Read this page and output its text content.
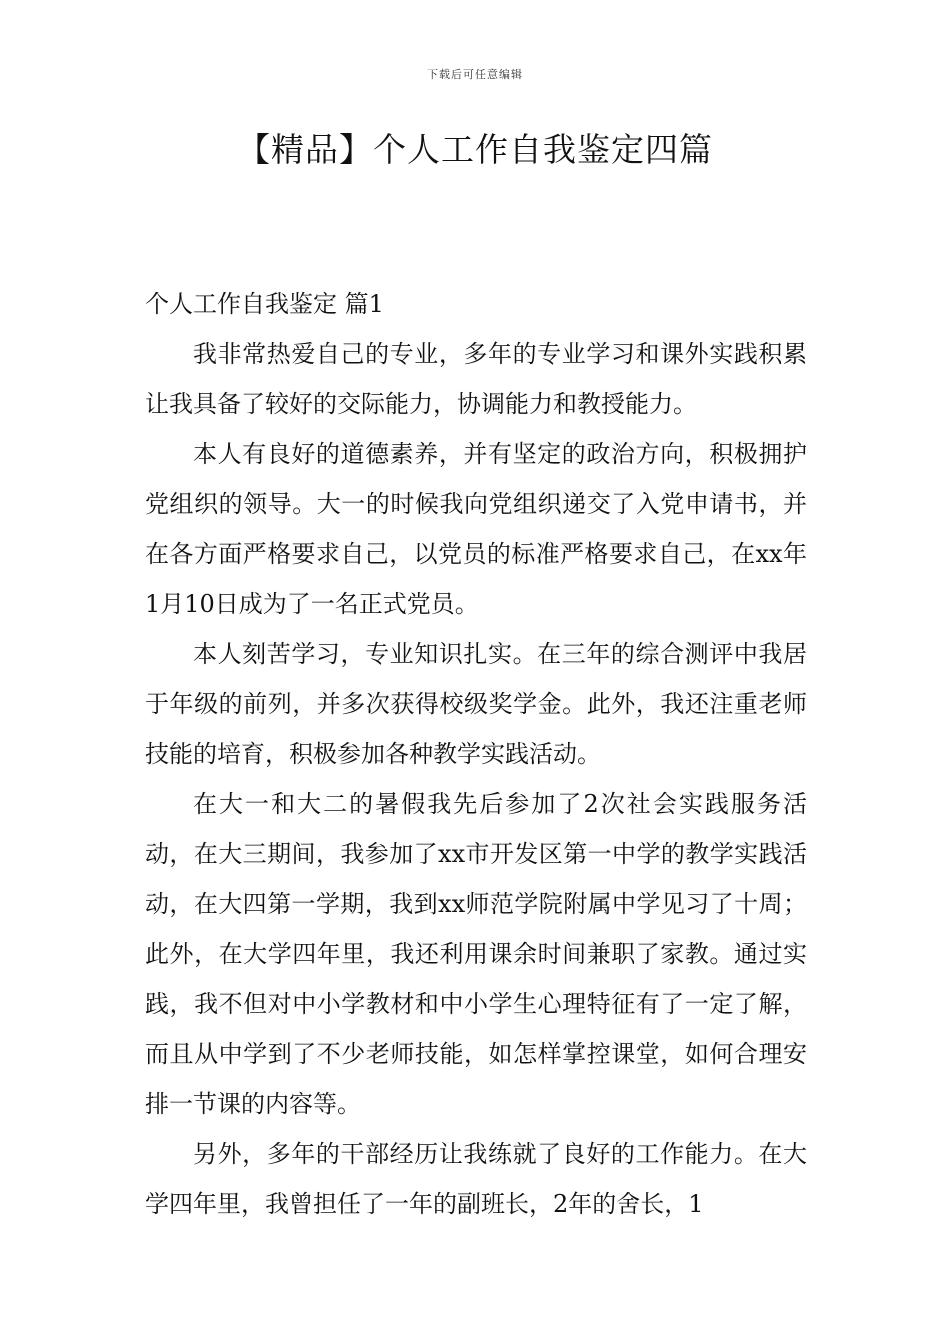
下载后可任意编辑
【精品】个人工作自我鉴定四篇

个人工作自我鉴定 篇1

我非常热爱自己的专业，多年的专业学习和课外实践积累让我具备了较好的交际能力，协调能力和教授能力。

本人有良好的道德素养，并有坚定的政治方向，积极拥护党组织的领导。大一的时候我向党组织递交了入党申请书，并在各方面严格要求自己，以党员的标准严格要求自己，在xx年1月10日成为了一名正式党员。

本人刻苦学习，专业知识扎实。在三年的综合测评中我居于年级的前列，并多次获得校级奖学金。此外，我还注重老师技能的培育，积极参加各种教学实践活动。

在大一和大二的暑假我先后参加了2次社会实践服务活动，在大三期间，我参加了xx市开发区第一中学的教学实践活动，在大四第一学期，我到xx师范学院附属中学见习了十周；此外，在大学四年里，我还利用课余时间兼职了家教。通过实践，我不但对中小学教材和中小学生心理特征有了一定了解，而且从中学到了不少老师技能，如怎样掌控课堂，如何合理安排一节课的内容等。

另外，多年的干部经历让我练就了良好的工作能力。在大学四年里，我曾担任了一年的副班长，2年的舍长，1
